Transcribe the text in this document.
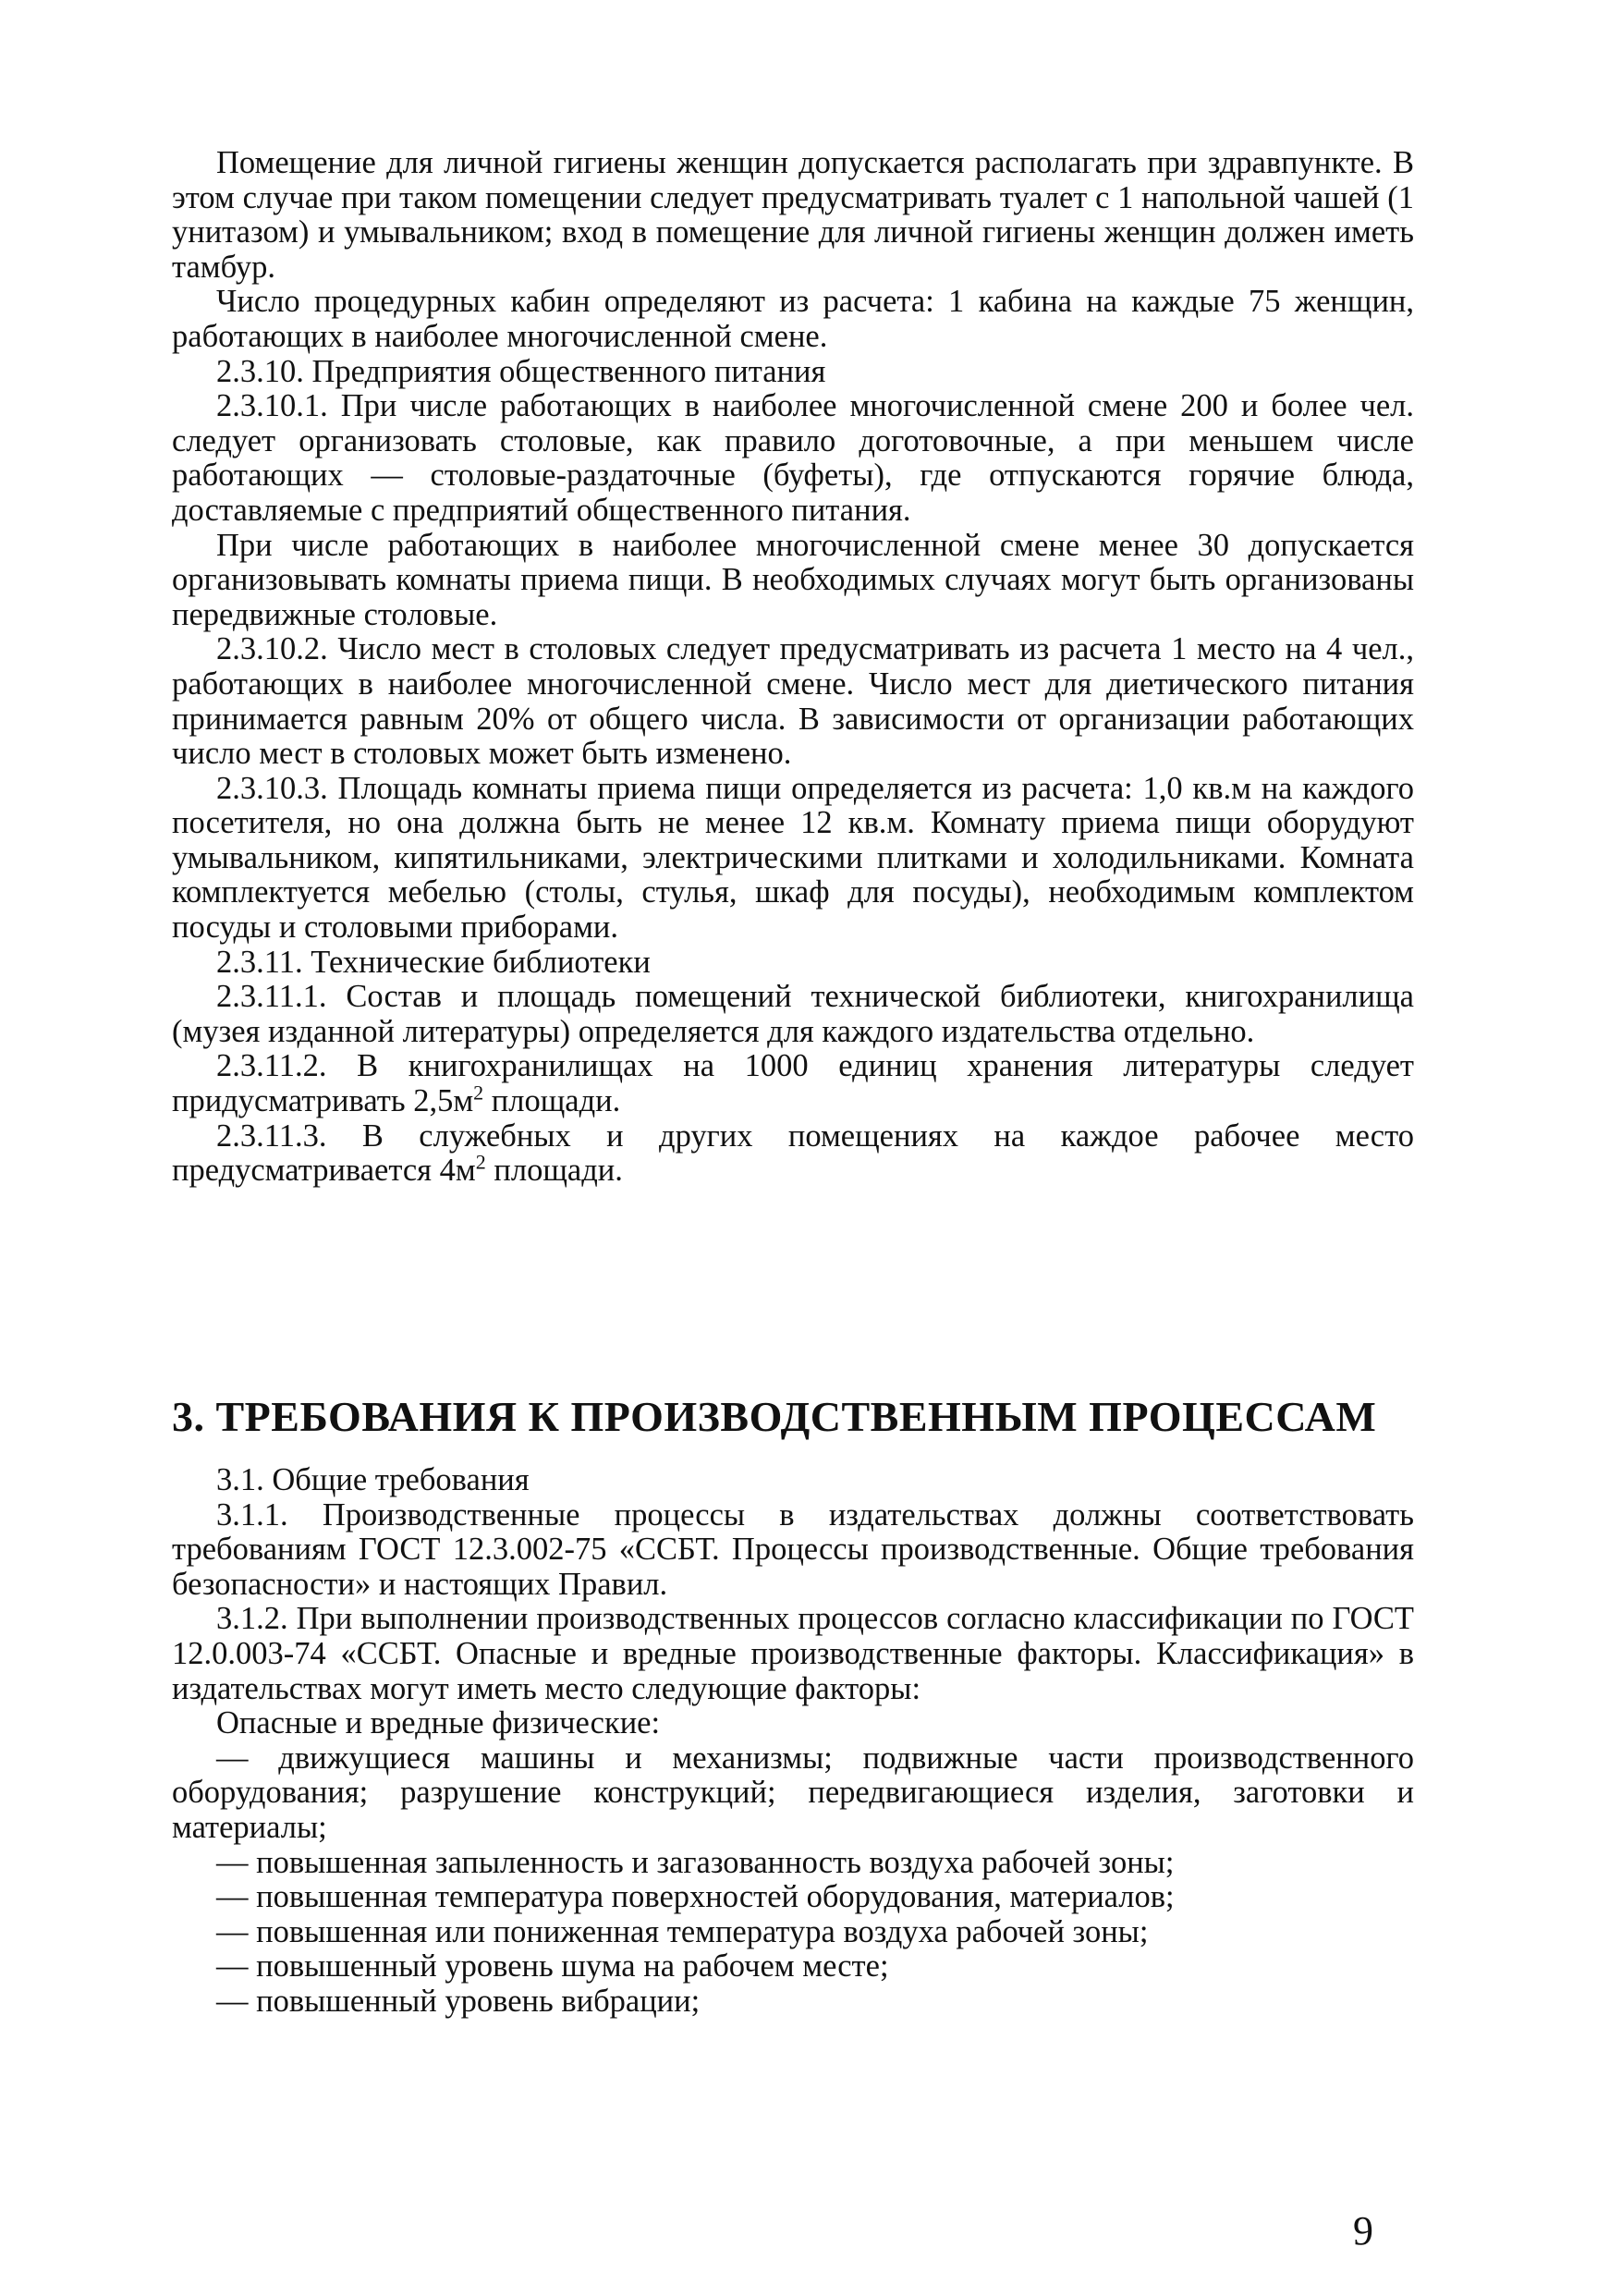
Помещение для личной гигиены женщин допускается располагать при здравпункте. В этом случае при таком помещении следует предусматривать туалет с 1 напольной чашей (1 унитазом) и умывальником; вход в помещение для личной гигиены женщин должен иметь тамбур.

Число процедурных кабин определяют из расчета: 1 кабина на каждые 75 женщин, работающих в наиболее многочисленной смене.

2.3.10. Предприятия общественного питания

2.3.10.1. При числе работающих в наиболее многочисленной смене 200 и более чел. следует организовать столовые, как правило доготовочные, а при меньшем числе работающих — столовые-раздаточные (буфеты), где отпускаются горячие блюда, доставляемые с предприятий общественного питания.

При числе работающих в наиболее многочисленной смене менее 30 допускается организовывать комнаты приема пищи. В необходимых случаях могут быть организованы передвижные столовые.

2.3.10.2. Число мест в столовых следует предусматривать из расчета 1 место на 4 чел., работающих в наиболее многочисленной смене. Число мест для диетического питания принимается равным 20% от общего числа. В зависимости от организации работающих число мест в столовых может быть изменено.

2.3.10.3. Площадь комнаты приема пищи определяется из расчета: 1,0 кв.м на каждого посетителя, но она должна быть не менее 12 кв.м. Комнату приема пищи оборудуют умывальником, кипятильниками, электрическими плитками и холодильниками. Комната комплектуется мебелью (столы, стулья, шкаф для посуды), необходимым комплектом посуды и столовыми приборами.

2.3.11. Технические библиотеки

2.3.11.1. Состав и площадь помещений технической библиотеки, книгохранилища (музея изданной литературы) определяется для каждого издательства отдельно.

2.3.11.2. В книгохранилищах на 1000 единиц хранения литературы следует придусматривать $2,5м^2$ площади.

2.3.11.3. В служебных и других помещениях на каждое рабочее место предусматривается $4м^2$ площади.

3. ТРЕБОВАНИЯ К ПРОИЗВОДСТВЕННЫМ ПРОЦЕССАМ

3.1. Общие требования

3.1.1. Производственные процессы в издательствах должны соответствовать требованиям ГОСТ 12.3.002-75 «ССБТ. Процессы производственные. Общие требования безопасности» и настоящих Правил.

3.1.2. При выполнении производственных процессов согласно классификации по ГОСТ 12.0.003-74 «ССБТ. Опасные и вредные производственные факторы. Классификация» в издательствах могут иметь место следующие факторы:

Опасные и вредные физические:

— движущиеся машины и механизмы; подвижные части производственного оборудования; разрушение конструкций; передвигающиеся изделия, заготовки и материалы;

— повышенная запыленность и загазованность воздуха рабочей зоны;

— повышенная температура поверхностей оборудования, материалов;

— повышенная или пониженная температура воздуха рабочей зоны;

— повышенный уровень шума на рабочем месте;

— повышенный уровень вибрации;

9
